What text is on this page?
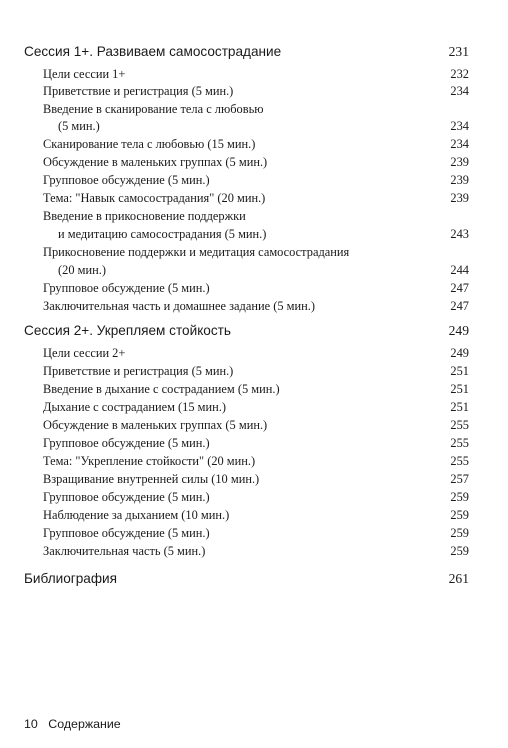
Сессия 1+. Развиваем самосострадание	231
Цели сессии 1+	232
Приветствие и регистрация (5 мин.)	234
Введение в сканирование тела с любовью
(5 мин.)	234
Сканирование тела с любовью (15 мин.)	234
Обсуждение в маленьких группах (5 мин.)	239
Групповое обсуждение (5 мин.)	239
Тема: "Навык самосострадания" (20 мин.)	239
Введение в прикосновение поддержки
и медитацию самосострадания (5 мин.)	243
Прикосновение поддержки и медитация самосострадания
(20 мин.)	244
Групповое обсуждение (5 мин.)	247
Заключительная часть и домашнее задание (5 мин.)	247
Сессия 2+. Укрепляем стойкость	249
Цели сессии 2+	249
Приветствие и регистрация (5 мин.)	251
Введение в дыхание с состраданием (5 мин.)	251
Дыхание с состраданием (15 мин.)	251
Обсуждение в маленьких группах (5 мин.)	255
Групповое обсуждение (5 мин.)	255
Тема: "Укрепление стойкости" (20 мин.)	255
Взращивание внутренней силы (10 мин.)	257
Групповое обсуждение (5 мин.)	259
Наблюдение за дыханием (10 мин.)	259
Групповое обсуждение (5 мин.)	259
Заключительная часть (5 мин.)	259
Библиография	261
10 Содержание
